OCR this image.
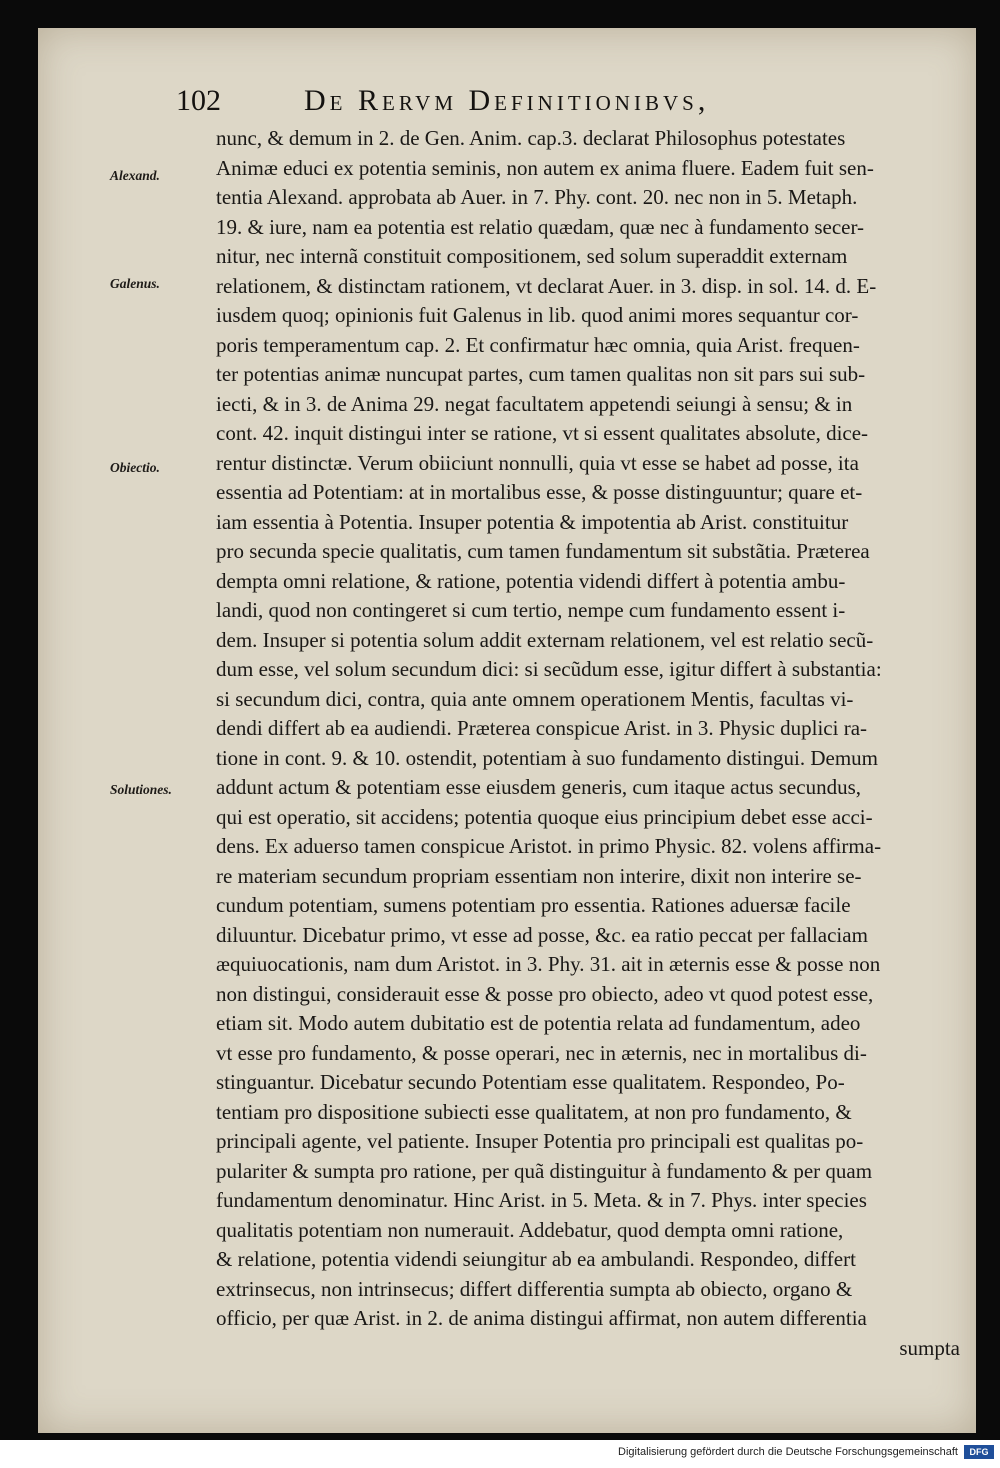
102	De Rervm Definitionibvs,
Alexand.
Galenus.
Obiectio.
Solutiones.
nunc, & demum in 2. de Gen. Anim. cap.3. declarat Philosophus potestates
Animæ educi ex potentia seminis, non autem ex anima fluere. Eadem fuit sen-
tentia Alexand. approbata ab Auer. in 7. Phy. cont. 20. nec non in 5. Metaph.
19. & iure, nam ea potentia est relatio quædam, quæ nec à fundamento secer-
nitur, nec internã constituit compositionem, sed solum superaddit externam
relationem, & distinctam rationem, vt declarat Auer. in 3. disp. in sol. 14. d. E-
iusdem quoq; opinionis fuit Galenus in lib. quod animi mores sequantur cor-
poris temperamentum cap. 2. Et confirmatur hæc omnia, quia Arist. frequen-
ter potentias animæ nuncupat partes, cum tamen qualitas non sit pars sui sub-
iecti, & in 3. de Anima 29. negat facultatem appetendi seiungi à sensu; & in
cont. 42. inquit distingui inter se ratione, vt si essent qualitates absolute, dice-
rentur distinctæ. Verum obiiciunt nonnulli, quia vt esse se habet ad posse, ita
essentia ad Potentiam: at in mortalibus esse, & posse distinguuntur; quare et-
iam essentia à Potentia. Insuper potentia & impotentia ab Arist. constituitur
pro secunda specie qualitatis, cum tamen fundamentum sit substãtia. Præterea
dempta omni relatione, & ratione, potentia videndi differt à potentia ambu-
landi, quod non contingeret si cum tertio, nempe cum fundamento essent i-
dem. Insuper si potentia solum addit externam relationem, vel est relatio secũ-
dum esse, vel solum secundum dici: si secũdum esse, igitur differt à substantia:
si secundum dici, contra, quia ante omnem operationem Mentis, facultas vi-
dendi differt ab ea audiendi. Præterea conspicue Arist. in 3. Physic duplici ra-
tione in cont. 9. & 10. ostendit, potentiam à suo fundamento distingui. Demum
addunt actum & potentiam esse eiusdem generis, cum itaque actus secundus,
qui est operatio, sit accidens; potentia quoque eius principium debet esse acci-
dens. Ex aduerso tamen conspicue Aristot. in primo Physic. 82. volens affirma-
re materiam secundum propriam essentiam non interire, dixit non interire se-
cundum potentiam, sumens potentiam pro essentia. Rationes aduersæ facile
diluuntur. Dicebatur primo, vt esse ad posse, &c. ea ratio peccat per fallaciam
æquiuocationis, nam dum Aristot. in 3. Phy. 31. ait in æternis esse & posse non
non distingui, considerauit esse & posse pro obiecto, adeo vt quod potest esse,
etiam sit. Modo autem dubitatio est de potentia relata ad fundamentum, adeo
vt esse pro fundamento, & posse operari, nec in æternis, nec in mortalibus di-
stinguantur. Dicebatur secundo Potentiam esse qualitatem. Respondeo, Po-
tentiam pro dispositione subiecti esse qualitatem, at non pro fundamento, &
principali agente, vel patiente. Insuper Potentia pro principali est qualitas po-
pulariter & sumpta pro ratione, per quã distinguitur à fundamento & per quam
fundamentum denominatur. Hinc Arist. in 5. Meta. & in 7. Phys. inter species
qualitatis potentiam non numerauit. Addebatur, quod dempta omni ratione,
& relatione, potentia videndi seiungitur ab ea ambulandi. Respondeo, differt
extrinsecus, non intrinsecus; differt differentia sumpta ab obiecto, organo &
officio, per quæ Arist. in 2. de anima distingui affirmat, non autem differentia
sumpta
Digitalisierung gefördert durch die Deutsche Forschungsgemeinschaft	DFG
